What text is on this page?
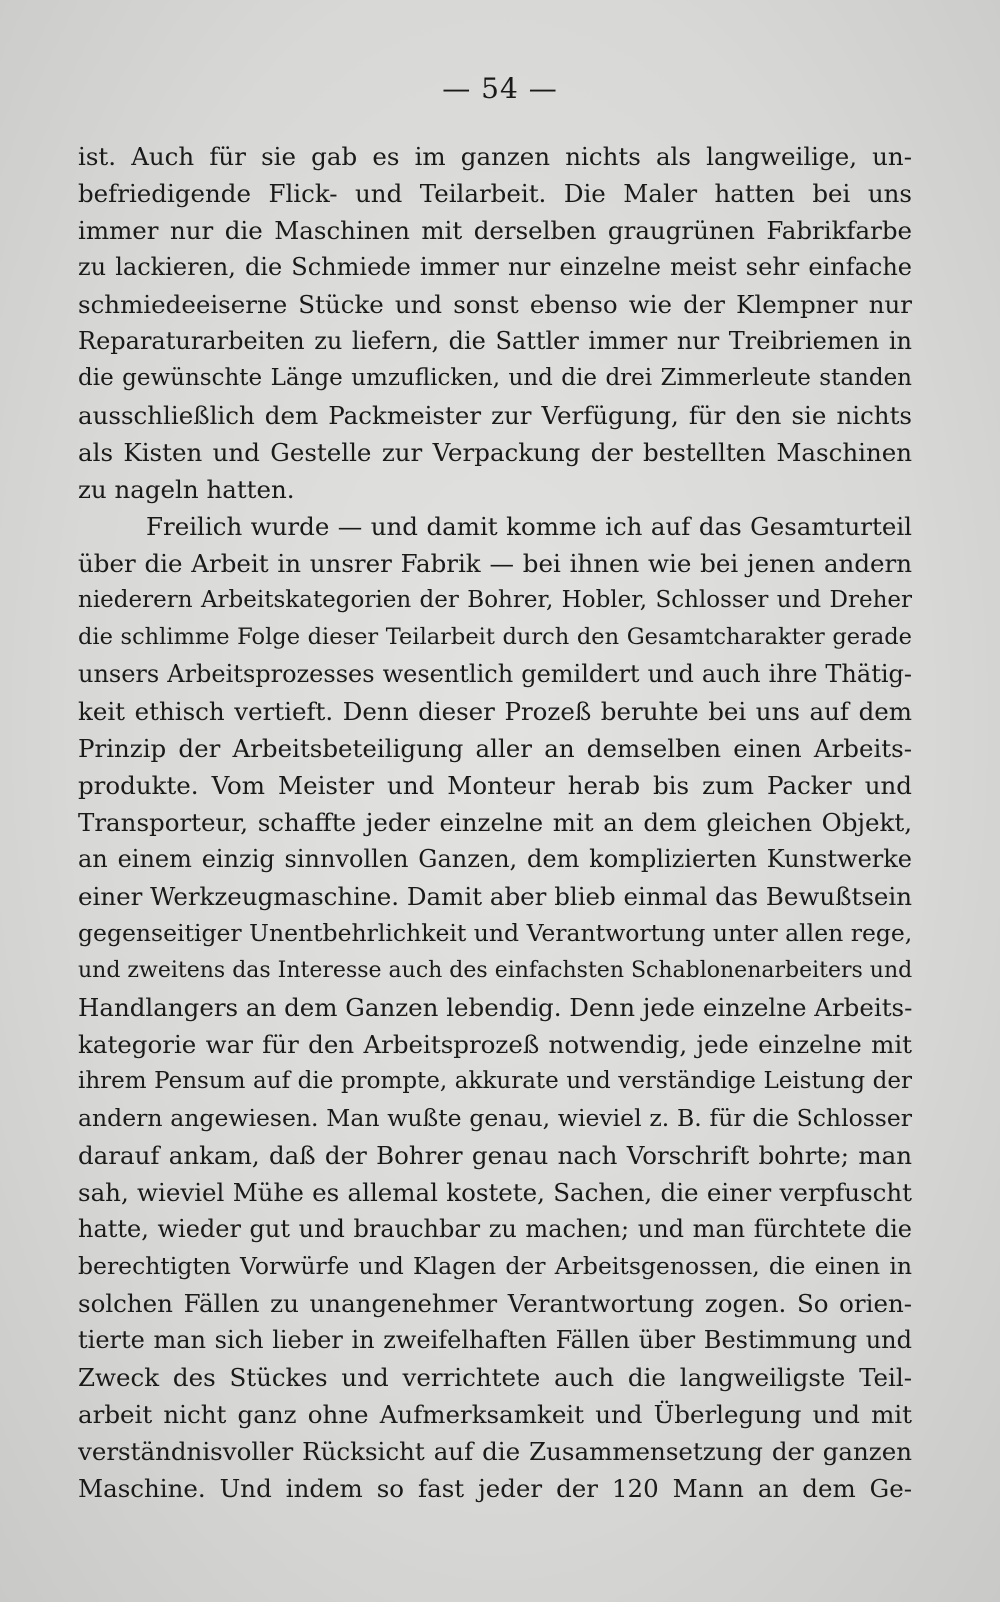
— 54 —
ist. Auch für sie gab es im ganzen nichts als langweilige, un-
befriedigende Flick- und Teilarbeit. Die Maler hatten bei uns
immer nur die Maschinen mit derselben graugrünen Fabrikfarbe
zu lackieren, die Schmiede immer nur einzelne meist sehr einfache
schmiedeeiserne Stücke und sonst ebenso wie der Klempner nur
Reparaturarbeiten zu liefern, die Sattler immer nur Treibriemen in
die gewünschte Länge umzuflicken, und die drei Zimmerleute standen
ausschließlich dem Packmeister zur Verfügung, für den sie nichts
als Kisten und Gestelle zur Verpackung der bestellten Maschinen
zu nageln hatten.
Freilich wurde — und damit komme ich auf das Gesamturteil
über die Arbeit in unsrer Fabrik — bei ihnen wie bei jenen andern
niederern Arbeitskategorien der Bohrer, Hobler, Schlosser und Dreher
die schlimme Folge dieser Teilarbeit durch den Gesamtcharakter gerade
unsers Arbeitsprozesses wesentlich gemildert und auch ihre Thätig-
keit ethisch vertieft. Denn dieser Prozeß beruhte bei uns auf dem
Prinzip der Arbeitsbeteiligung aller an demselben einen Arbeits-
produkte. Vom Meister und Monteur herab bis zum Packer und
Transporteur, schaffte jeder einzelne mit an dem gleichen Objekt,
an einem einzig sinnvollen Ganzen, dem komplizierten Kunstwerke
einer Werkzeugmaschine. Damit aber blieb einmal das Bewußtsein
gegenseitiger Unentbehrlichkeit und Verantwortung unter allen rege,
und zweitens das Interesse auch des einfachsten Schablonenarbeiters und
Handlangers an dem Ganzen lebendig. Denn jede einzelne Arbeits-
kategorie war für den Arbeitsprozeß notwendig, jede einzelne mit
ihrem Pensum auf die prompte, akkurate und verständige Leistung der
andern angewiesen. Man wußte genau, wieviel z. B. für die Schlosser
darauf ankam, daß der Bohrer genau nach Vorschrift bohrte; man
sah, wieviel Mühe es allemal kostete, Sachen, die einer verpfuscht
hatte, wieder gut und brauchbar zu machen; und man fürchtete die
berechtigten Vorwürfe und Klagen der Arbeitsgenossen, die einen in
solchen Fällen zu unangenehmer Verantwortung zogen. So orien-
tierte man sich lieber in zweifelhaften Fällen über Bestimmung und
Zweck des Stückes und verrichtete auch die langweiligste Teil-
arbeit nicht ganz ohne Aufmerksamkeit und Überlegung und mit
verständnisvoller Rücksicht auf die Zusammensetzung der ganzen
Maschine. Und indem so fast jeder der 120 Mann an dem Ge-
